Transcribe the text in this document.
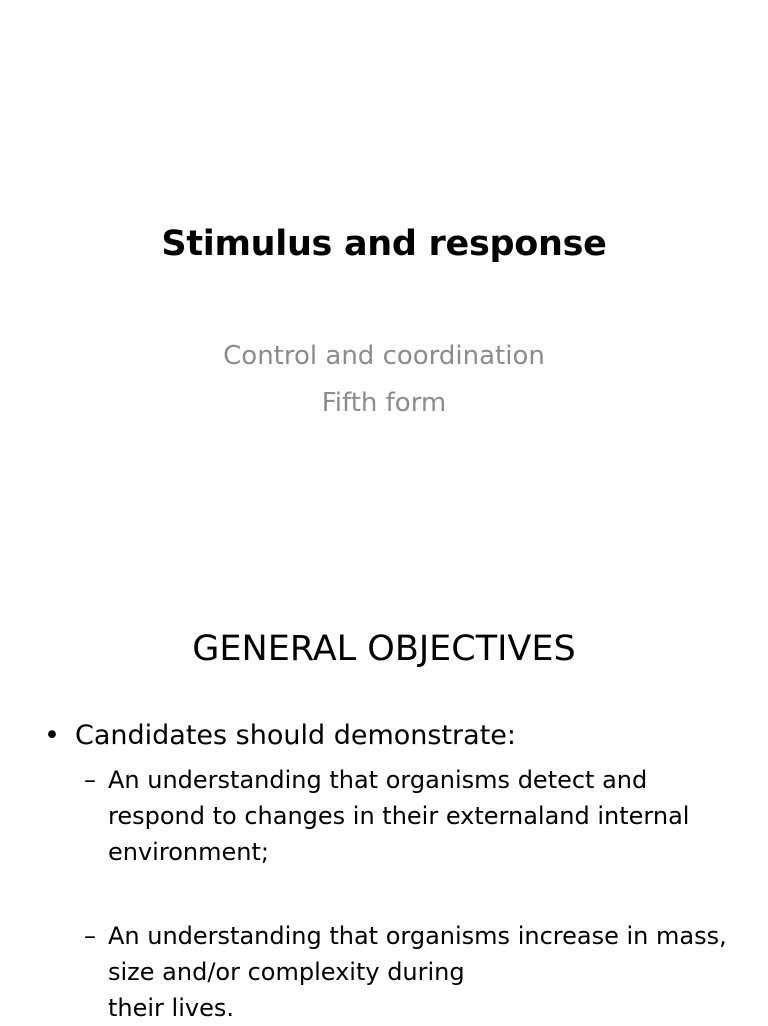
Stimulus and response
Control and coordination
Fifth form
GENERAL OBJECTIVES
• Candidates should demonstrate:
– An understanding that organisms detect and
respond to changes in their externaland internal
environment;
– An understanding that organisms increase in mass,
size and/or complexity during
their lives.
